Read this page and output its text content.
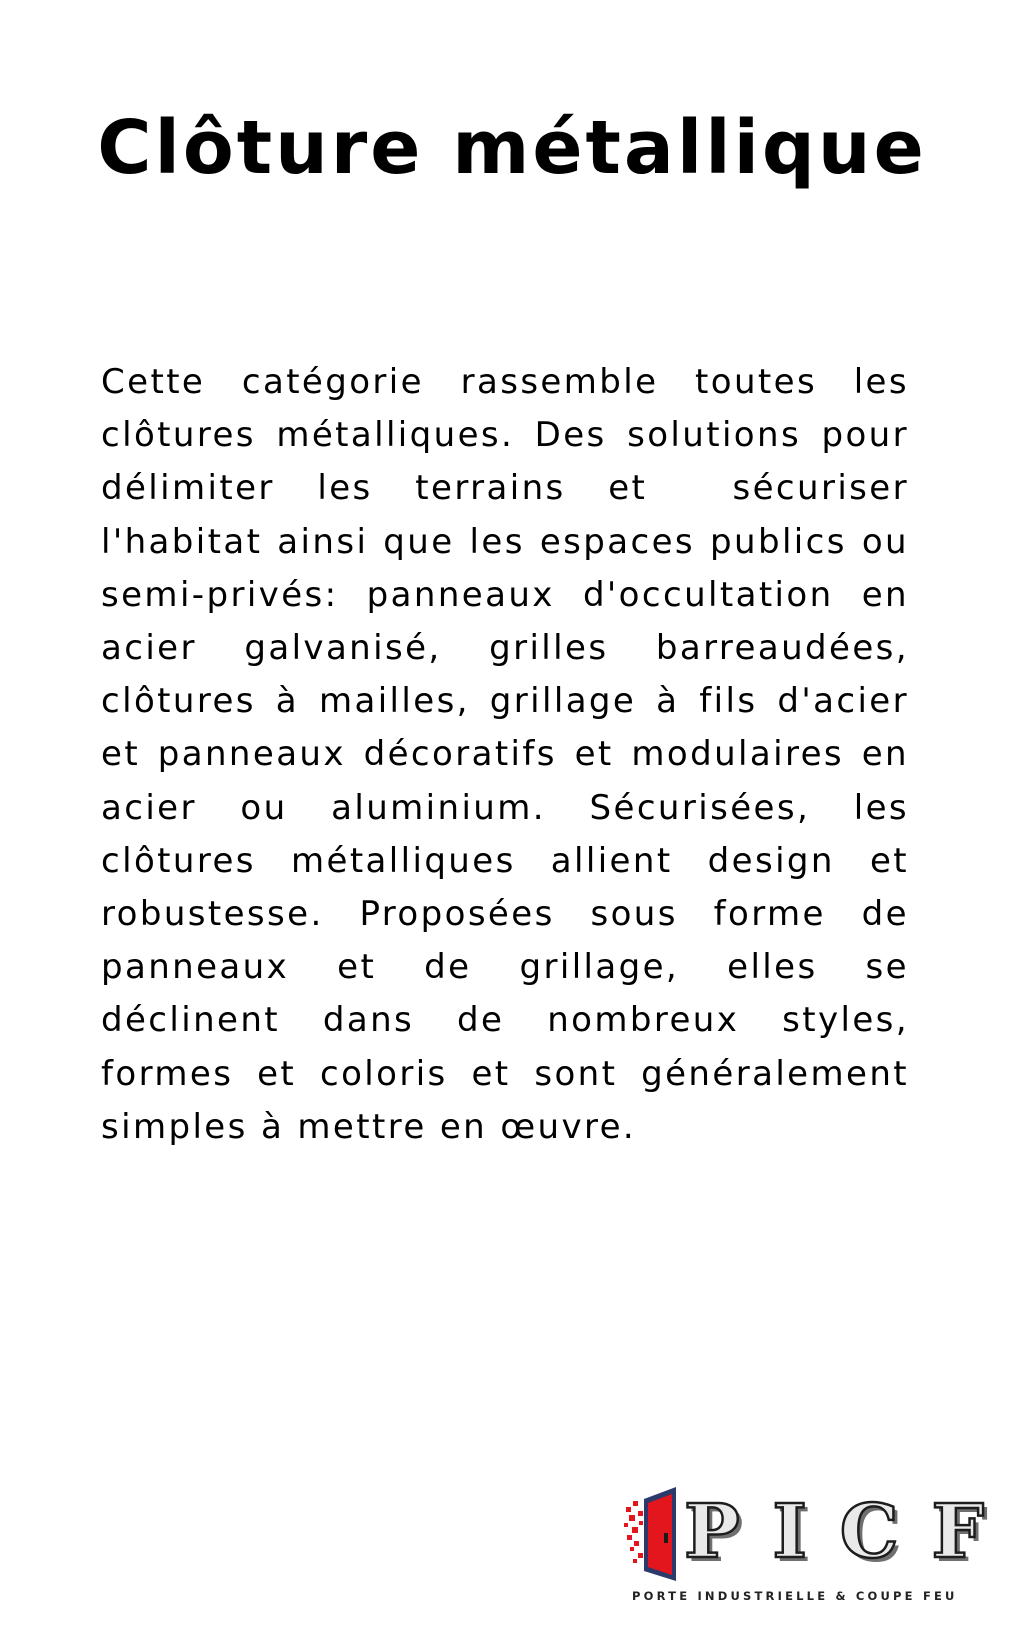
Clôture métallique

Cette catégorie rassemble toutes les clôtures métalliques. Des solutions pour délimiter les terrains et  sécuriser l'habitat ainsi que les espaces publics ou semi-privés: panneaux d'occultation en acier galvanisé, grilles barreaudées, clôtures à mailles, grillage à fils d'acier et panneaux décoratifs et modulaires en acier ou aluminium. Sécurisées, les clôtures métalliques allient design et robustesse. Proposées sous forme de panneaux et de grillage, elles se déclinent dans de nombreux styles, formes et coloris et sont généralement simples à mettre en œuvre.

P I C F
PORTE INDUSTRIELLE & COUPE FEU
